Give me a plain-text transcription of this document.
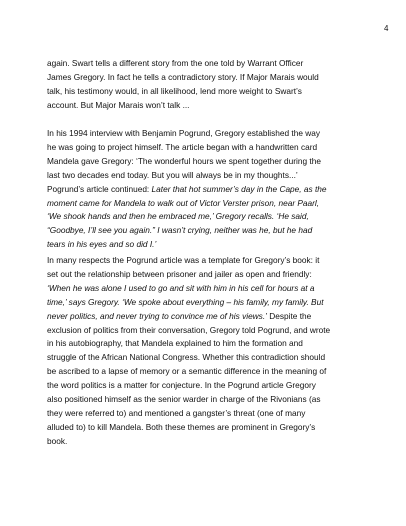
4
again. Swart tells a different story from the one told by Warrant Officer
James Gregory. In fact he tells a contradictory story. If Major Marais would
talk, his testimony would, in all likelihood, lend more weight to Swart’s
account. But Major Marais won’t talk ...
In his 1994 interview with Benjamin Pogrund, Gregory established the way
he was going to project himself. The article began with a handwritten card
Mandela gave Gregory: ‘The wonderful hours we spent together during the
last two decades end today. But you will always be in my thoughts...’
Pogrund’s article continued: Later that hot summer’s day in the Cape, as the
moment came for Mandela to walk out of Victor Verster prison, near Paarl,
‘We shook hands and then he embraced me,’ Gregory recalls. ‘He said,
“Goodbye, I’ll see you again.” I wasn’t crying, neither was he, but he had
tears in his eyes and so did I.’
In many respects the Pogrund article was a template for Gregory’s book: it
set out the relationship between prisoner and jailer as open and friendly:
‘When he was alone I used to go and sit with him in his cell for hours at a
time,’ says Gregory. ‘We spoke about everything – his family, my family. But
never politics, and never trying to convince me of his views.’ Despite the
exclusion of politics from their conversation, Gregory told Pogrund, and wrote
in his autobiography, that Mandela explained to him the formation and
struggle of the African National Congress. Whether this contradiction should
be ascribed to a lapse of memory or a semantic difference in the meaning of
the word politics is a matter for conjecture. In the Pogrund article Gregory
also positioned himself as the senior warder in charge of the Rivonians (as
they were referred to) and mentioned a gangster’s threat (one of many
alluded to) to kill Mandela. Both these themes are prominent in Gregory’s
book.
